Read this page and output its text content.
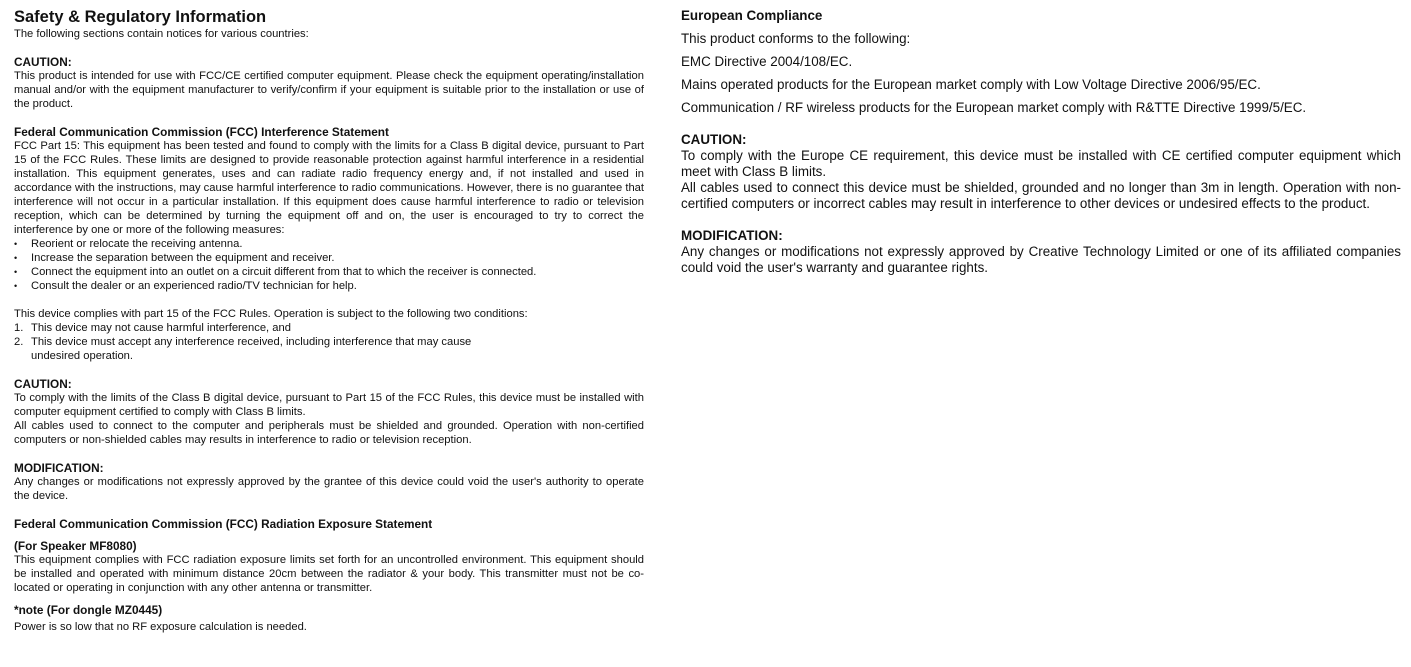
Safety & Regulatory Information

The following sections contain notices for various countries:

CAUTION:

This product is intended for use with FCC/CE certified computer equipment. Please check the equipment operating/installation manual and/or with the equipment manufacturer to verify/confirm if your equipment is suitable prior to the installation or use of the product.

Federal Communication Commission (FCC) Interference Statement

FCC Part 15: This equipment has been tested and found to comply with the limits for a Class B digital device, pursuant to Part 15 of the FCC Rules. These limits are designed to provide reasonable protection against harmful interference in a residential installation. This equipment generates, uses and can radiate radio frequency energy and, if not installed and used in accordance with the instructions, may cause harmful interference to radio communications. However, there is no guarantee that interference will not occur in a particular installation. If this equipment does cause harmful interference to radio or television reception, which can be determined by turning the equipment off and on, the user is encouraged to try to correct the interference by one or more of the following measures:

• Reorient or relocate the receiving antenna.
• Increase the separation between the equipment and receiver.
• Connect the equipment into an outlet on a circuit different from that to which the receiver is connected.
• Consult the dealer or an experienced radio/TV technician for help.

This device complies with part 15 of the FCC Rules. Operation is subject to the following two conditions:

1. This device may not cause harmful interference, and
2. This device must accept any interference received, including interference that may cause
undesired operation.
CAUTION:

To comply with the limits of the Class B digital device, pursuant to Part 15 of the FCC Rules, this device must be installed with computer equipment certified to comply with Class B limits.

All cables used to connect to the computer and peripherals must be shielded and grounded. Operation with non-certified computers or non-shielded cables may results in interference to radio or television reception.

MODIFICATION:

Any changes or modifications not expressly approved by the grantee of this device could void the user's authority to operate the device.

Federal Communication Commission (FCC) Radiation Exposure Statement
(For Speaker MF8080)

This equipment complies with FCC radiation exposure limits set forth for an uncontrolled environment. This equipment should be installed and operated with minimum distance 20cm between the radiator & your body. This transmitter must not be co-located or operating in conjunction with any other antenna or transmitter.

*note (For dongle MZ0445)

Power is so low that no RF exposure calculation is needed.

European Compliance

This product conforms to the following:

EMC Directive 2004/108/EC.

Mains operated products for the European market comply with Low Voltage Directive 2006/95/EC.

Communication / RF wireless products for the European market comply with R&TTE Directive 1999/5/EC.

CAUTION:

To comply with the Europe CE requirement, this device must be installed with CE certified computer equipment which meet with Class B limits.

All cables used to connect this device must be shielded, grounded and no longer than 3m in length. Operation with non-certified computers or incorrect cables may result in interference to other devices or undesired effects to the product.

MODIFICATION:

Any changes or modifications not expressly approved by Creative Technology Limited or one of its affiliated companies could void the user's warranty and guarantee rights.
